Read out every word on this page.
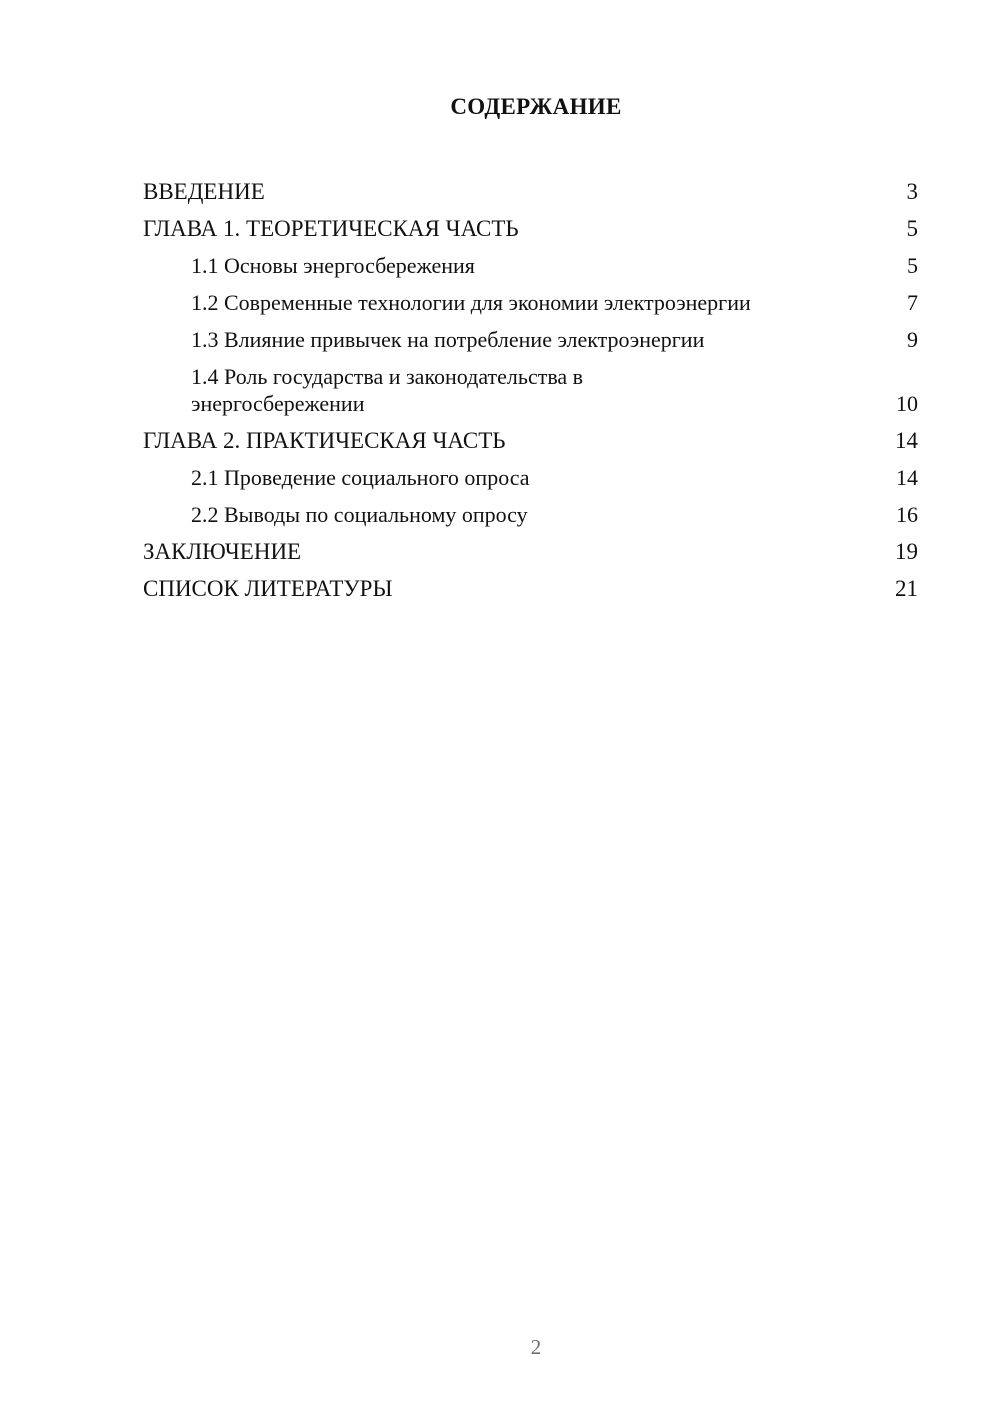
СОДЕРЖАНИЕ
ВВЕДЕНИЕ	3
ГЛАВА 1. ТЕОРЕТИЧЕСКАЯ ЧАСТЬ	5
1.1 Основы энергосбережения	5
1.2 Современные технологии для экономии электроэнергии	7
1.3 Влияние привычек на потребление электроэнергии	9
1.4 Роль государства и законодательства в энергосбережении	10
ГЛАВА 2. ПРАКТИЧЕСКАЯ ЧАСТЬ	14
2.1 Проведение социального опроса	14
2.2 Выводы по социальному опросу	16
ЗАКЛЮЧЕНИЕ	19
СПИСОК ЛИТЕРАТУРЫ	21
2
